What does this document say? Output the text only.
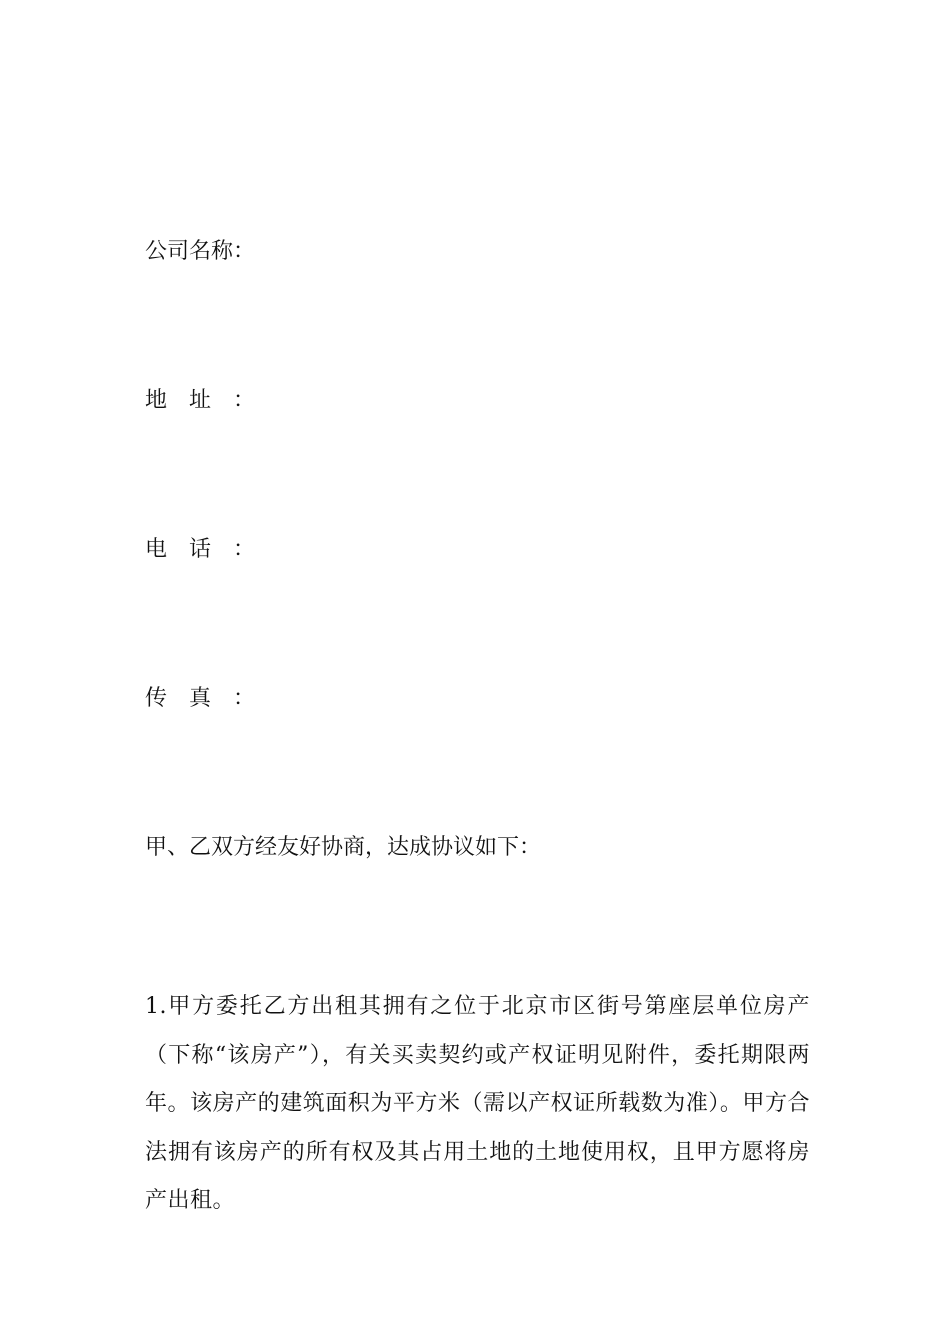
公司名称：
地址：
电话：
传真：
甲、乙双方经友好协商，达成协议如下：
1.甲方委托乙方出租其拥有之位于北京市区街号第座层单位房产（下称“该房产”），有关买卖契约或产权证明见附件，委托期限两年。该房产的建筑面积为平方米（需以产权证所载数为准）。甲方合法拥有该房产的所有权及其占用土地的土地使用权，且甲方愿将房产出租。
